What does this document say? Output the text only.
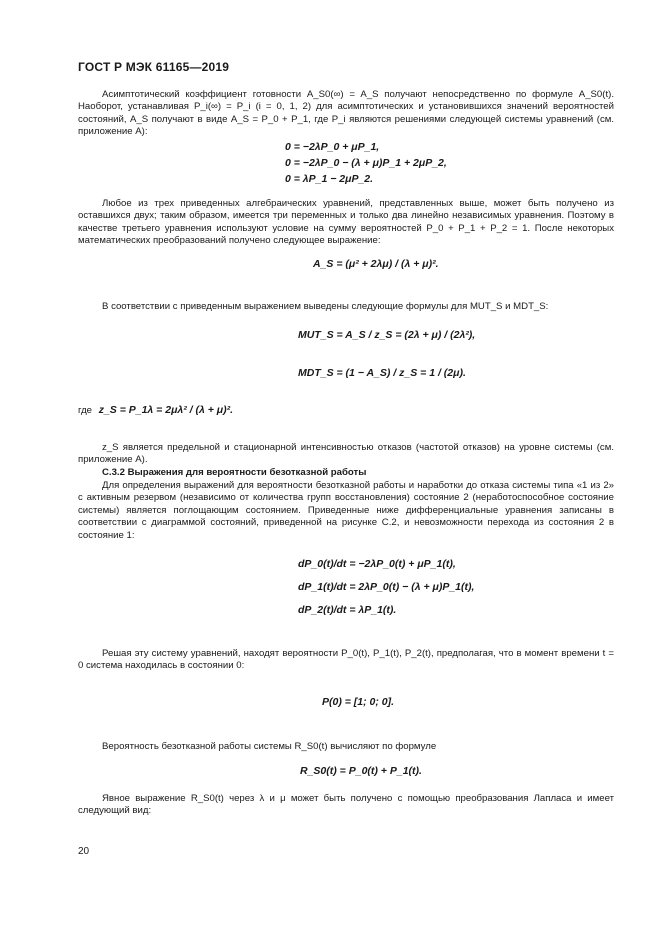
ГОСТ Р МЭК 61165—2019
Асимптотический коэффициент готовности A_S0(∞) = A_S получают непосредственно по формуле A_S0(t). Наоборот, устанавливая P_i(∞) = P_i (i = 0, 1, 2) для асимптотических и установившихся значений вероятностей состояний, A_S получают в виде A_S = P_0 + P_1, где P_i являются решениями следующей системы уравнений (см. приложение А):
0 = −2λP_0 + μP_1,
0 = −2λP_0 − (λ + μ)P_1 + 2μP_2,
0 = λP_1 − 2μP_2.
Любое из трех приведенных алгебраических уравнений, представленных выше, может быть получено из оставшихся двух; таким образом, имеется три переменных и только два линейно независимых уравнения. Поэтому в качестве третьего уравнения используют условие на сумму вероятностей P_0 + P_1 + P_2 = 1. После некоторых математических преобразований получено следующее выражение:
A_S = (μ² + 2λμ) / (λ + μ)².
В соответствии с приведенным выражением выведены следующие формулы для MUT_S и MDT_S:
MUT_S = A_S / z_S = (2λ + μ) / (2λ²),
MDT_S = (1 − A_S) / z_S = 1 / (2μ).
где z_S = P_1λ = 2μλ² / (λ + μ)².
z_S является предельной и стационарной интенсивностью отказов (частотой отказов) на уровне системы (см. приложение А).
С.3.2 Выражения для вероятности безотказной работы
Для определения выражений для вероятности безотказной работы и наработки до отказа системы типа «1 из 2» с активным резервом (независимо от количества групп восстановления) состояние 2 (неработоспособное состояние системы) является поглощающим состоянием. Приведенные ниже дифференциальные уравнения записаны в соответствии с диаграммой состояний, приведенной на рисунке С.2, и невозможности перехода из состояния 2 в состояние 1:
dP_0(t)/dt = −2λP_0(t) + μP_1(t),
dP_1(t)/dt = 2λP_0(t) − (λ + μ)P_1(t),
dP_2(t)/dt = λP_1(t).
Решая эту систему уравнений, находят вероятности P_0(t), P_1(t), P_2(t), предполагая, что в момент времени t = 0 система находилась в состоянии 0:
P(0) = [1; 0; 0].
Вероятность безотказной работы системы R_S0(t) вычисляют по формуле
R_S0(t) = P_0(t) + P_1(t).
Явное выражение R_S0(t) через λ и μ может быть получено с помощью преобразования Лапласа и имеет следующий вид:
20
